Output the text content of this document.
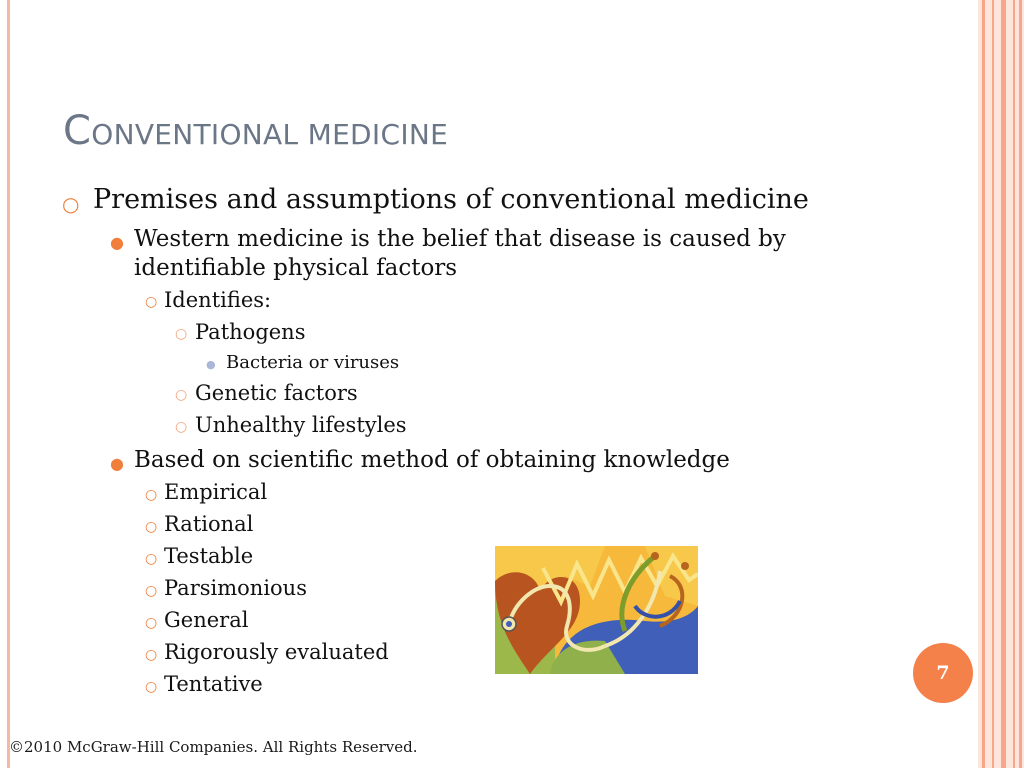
CONVENTIONAL MEDICINE
○ Premises and assumptions of conventional medicine
● Western medicine is the belief that disease is caused by identifiable physical factors
○ Identifies:
○ Pathogens
● Bacteria or viruses
○ Genetic factors
○ Unhealthy lifestyles
● Based on scientific method of obtaining knowledge
○ Empirical
○ Rational
○ Testable
○ Parsimonious
○ General
○ Rigorously evaluated
○ Tentative	7

©2010 McGraw-Hill Companies. All Rights Reserved.
